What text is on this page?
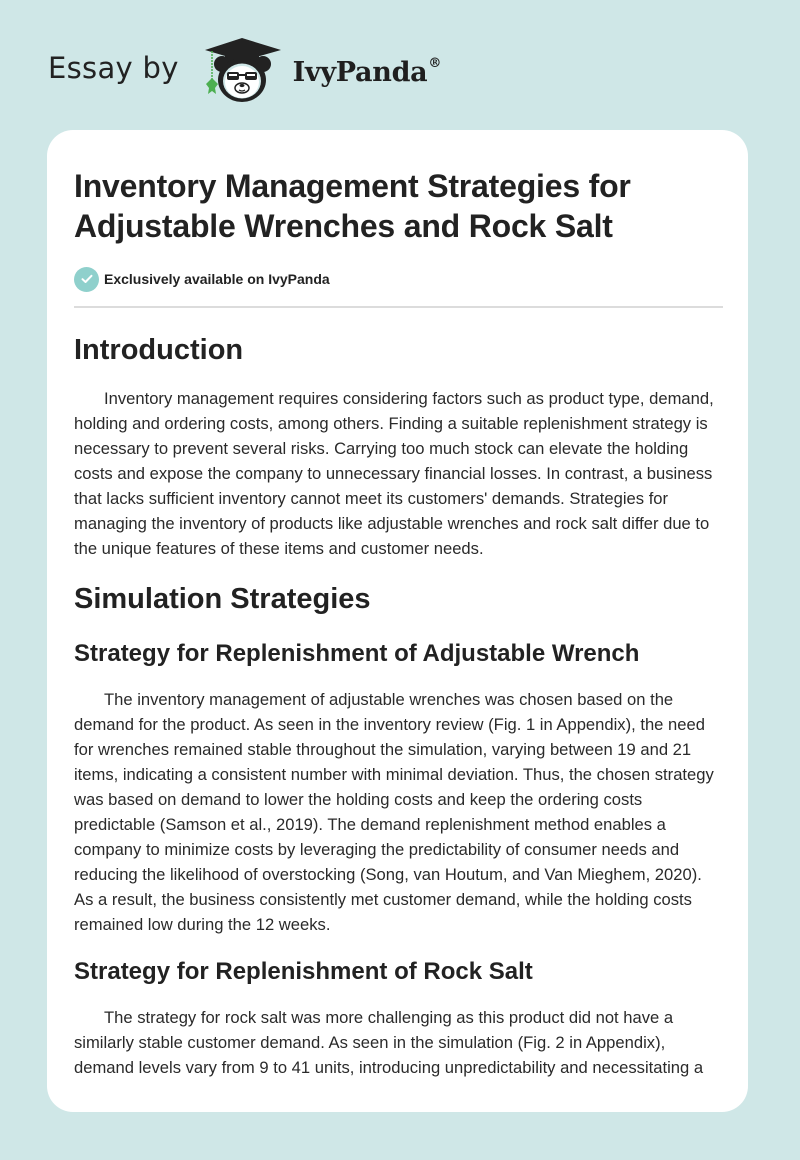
Essay by	IvyPanda®
Inventory Management Strategies for
Adjustable Wrenches and Rock Salt
Exclusively available on IvyPanda
Introduction

Inventory management requires considering factors such as product type, demand, holding and ordering costs, among others. Finding a suitable replenishment strategy is necessary to prevent several risks. Carrying too much stock can elevate the holding costs and expose the company to unnecessary financial losses. In contrast, a business that lacks sufficient inventory cannot meet its customers' demands. Strategies for managing the inventory of products like adjustable wrenches and rock salt differ due to the unique features of these items and customer needs.

Simulation Strategies
Strategy for Replenishment of Adjustable Wrench

The inventory management of adjustable wrenches was chosen based on the demand for the product. As seen in the inventory review (Fig. 1 in Appendix), the need for wrenches remained stable throughout the simulation, varying between 19 and 21 items, indicating a consistent number with minimal deviation. Thus, the chosen strategy was based on demand to lower the holding costs and keep the ordering costs predictable (Samson et al., 2019). The demand replenishment method enables a company to minimize costs by leveraging the predictability of consumer needs and reducing the likelihood of overstocking (Song, van Houtum, and Van Mieghem, 2020). As a result, the business consistently met customer demand, while the holding costs remained low during the 12 weeks.

Strategy for Replenishment of Rock Salt

The strategy for rock salt was more challenging as this product did not have a similarly stable customer demand. As seen in the simulation (Fig. 2 in Appendix), demand levels vary from 9 to 41 units, introducing unpredictability and necessitating a
